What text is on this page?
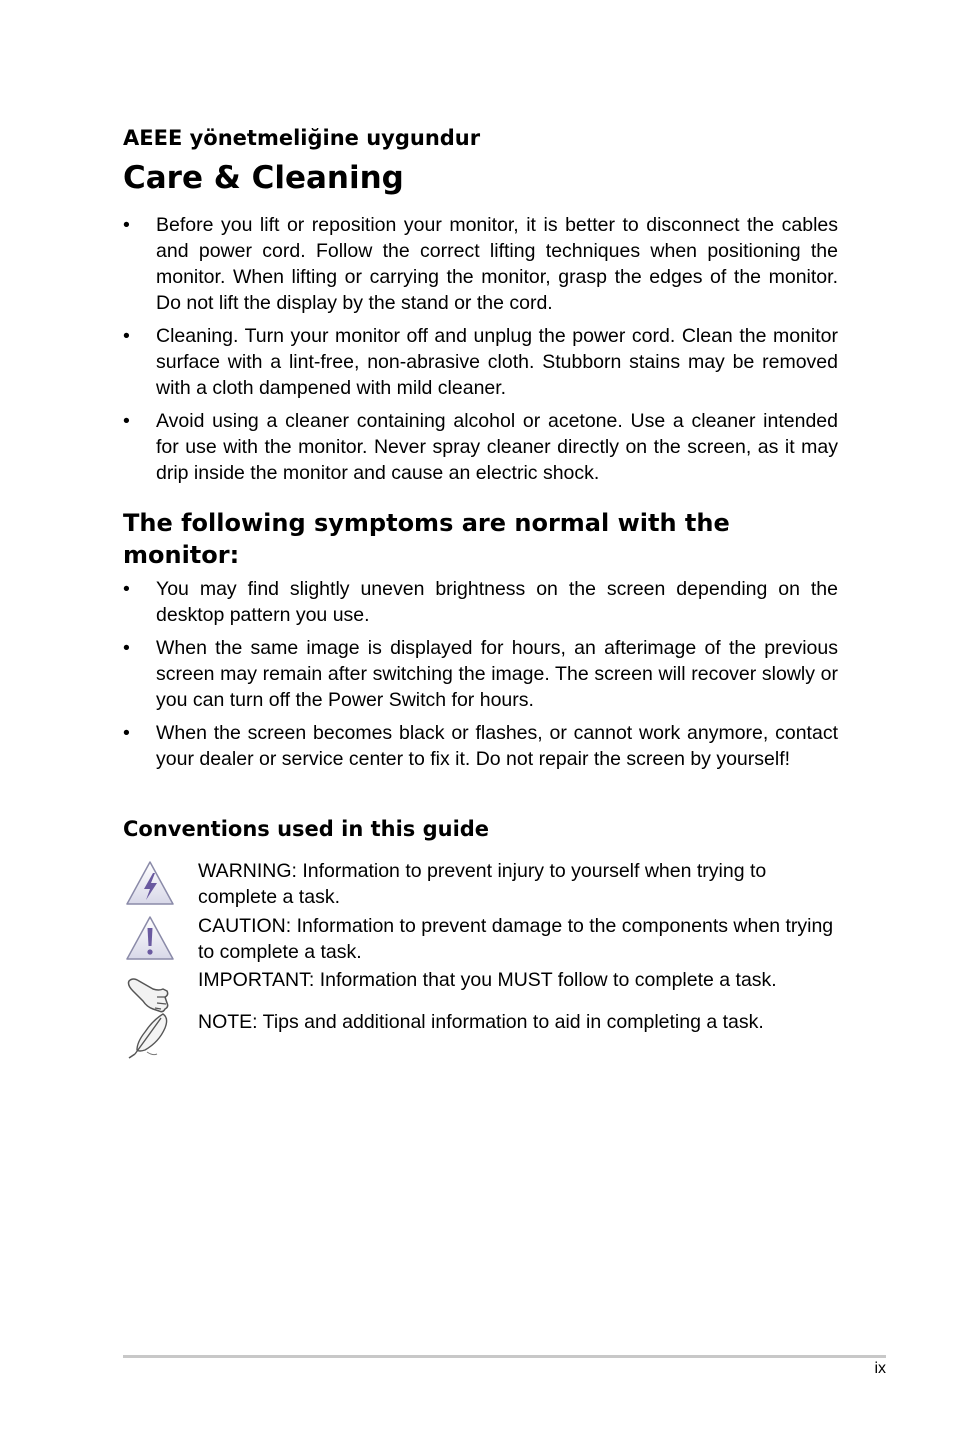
AEEE yönetmeliğine uygundur
Care & Cleaning
• Before you lift or reposition your monitor, it is better to disconnect the cables and power cord. Follow the correct lifting techniques when positioning the monitor. When lifting or carrying the monitor, grasp the edges of the monitor. Do not lift the display by the stand or the cord.
• Cleaning. Turn your monitor off and unplug the power cord. Clean the monitor surface with a lint-free, non-abrasive cloth. Stubborn stains may be removed with a cloth dampened with mild cleaner.
• Avoid using a cleaner containing alcohol or acetone. Use a cleaner intended for use with the monitor. Never spray cleaner directly on the screen, as it may drip inside the monitor and cause an electric shock.
The following symptoms are normal with the monitor:
• You may find slightly uneven brightness on the screen depending on the desktop pattern you use.
• When the same image is displayed for hours, an afterimage of the previous screen may remain after switching the image. The screen will recover slowly or you can turn off the Power Switch for hours.
• When the screen becomes black or flashes, or cannot work anymore, contact your dealer or service center to fix it. Do not repair the screen by yourself!
Conventions used in this guide
WARNING: Information to prevent injury to yourself when trying to complete a task.
CAUTION: Information to prevent damage to the components when trying to complete a task.
IMPORTANT: Information that you MUST follow to complete a task.
NOTE: Tips and additional information to aid in completing a task.
ix
